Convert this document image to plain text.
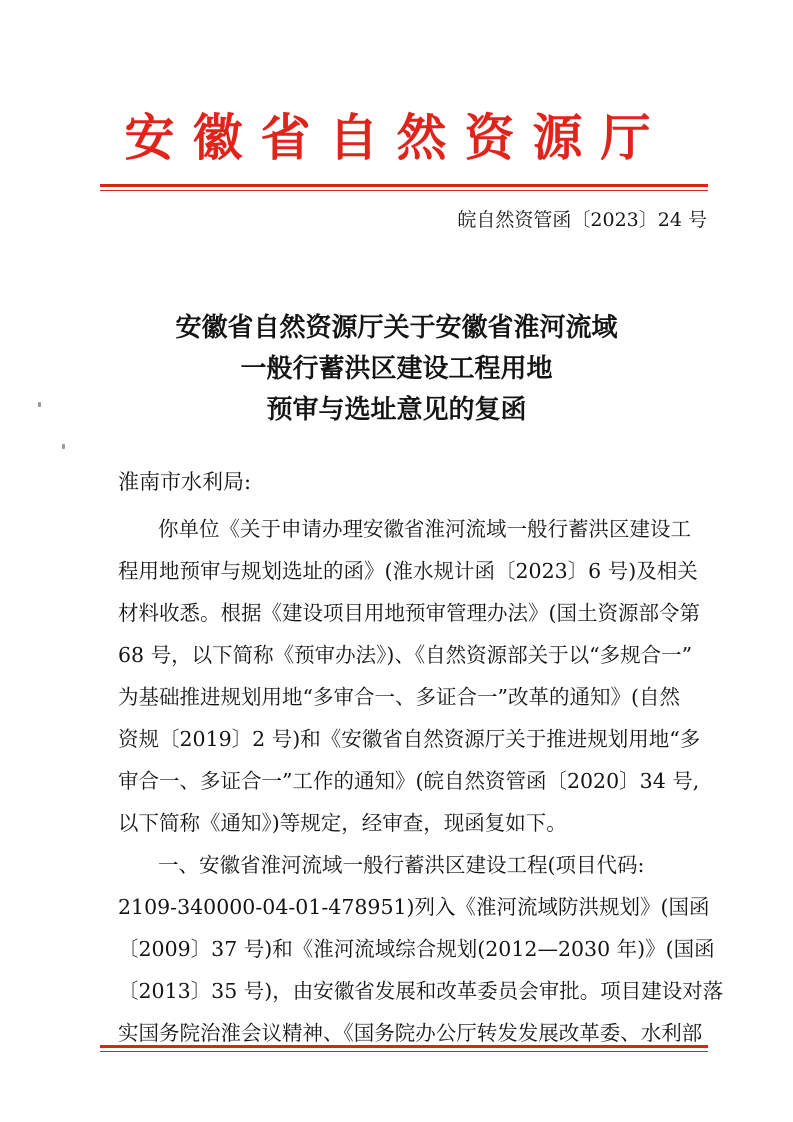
安徽省自然资源厅
皖自然资管函〔2023〕24 号
安徽省自然资源厅关于安徽省淮河流域
一般行蓄洪区建设工程用地
预审与选址意见的复函
淮南市水利局:
你单位《关于申请办理安徽省淮河流域一般行蓄洪区建设工
程用地预审与规划选址的函》(淮水规计函〔2023〕6 号)及相关
材料收悉。根据《建设项目用地预审管理办法》(国土资源部令第
68 号，以下简称《预审办法》)、《自然资源部关于以“多规合一”
为基础推进规划用地“多审合一、多证合一”改革的通知》(自然
资规〔2019〕2 号)和《安徽省自然资源厅关于推进规划用地“多
审合一、多证合一”工作的通知》(皖自然资管函〔2020〕34 号,
以下简称《通知》)等规定，经审查，现函复如下。
一、安徽省淮河流域一般行蓄洪区建设工程(项目代码:
2109-340000-04-01-478951)列入《淮河流域防洪规划》(国函
〔2009〕37 号)和《淮河流域综合规划(2012—2030 年)》(国函
〔2013〕35 号)，由安徽省发展和改革委员会审批。项目建设对落
实国务院治淮会议精神、《国务院办公厅转发发展改革委、水利部
